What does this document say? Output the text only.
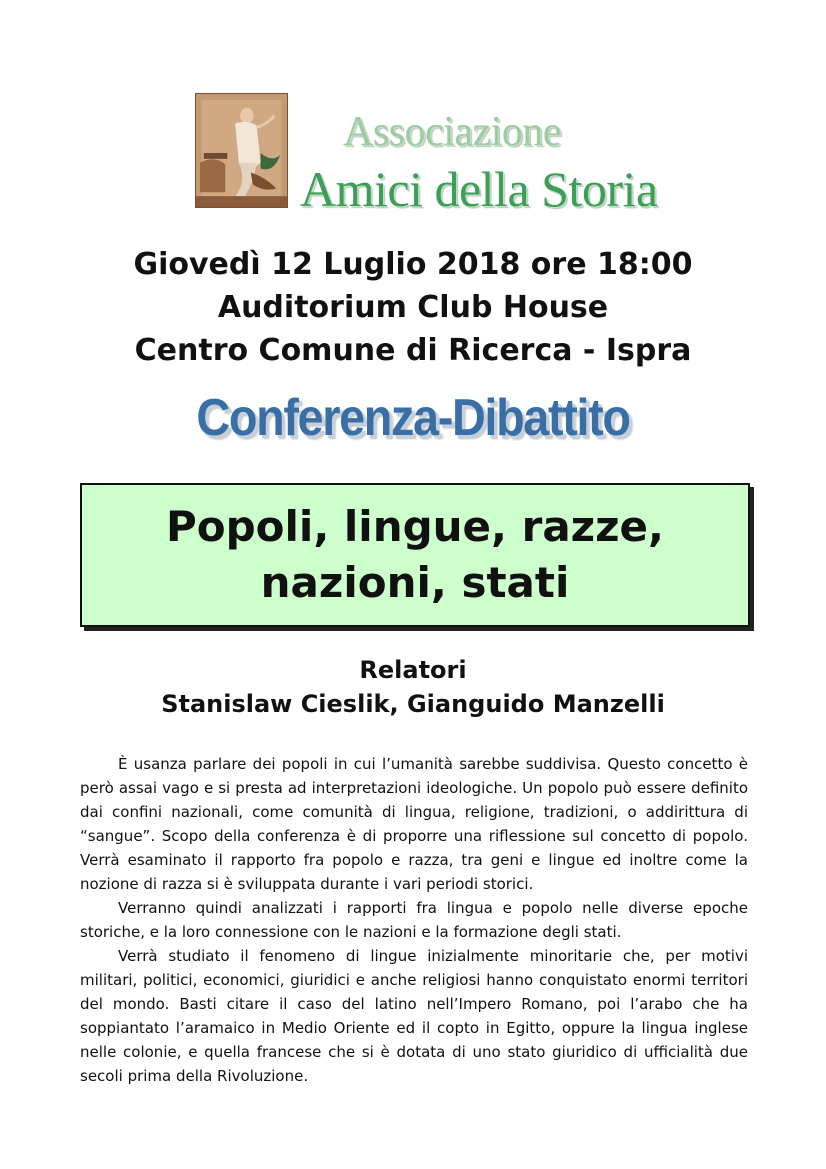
Associazione
Amici della Storia
Giovedì 12 Luglio 2018 ore 18:00
Auditorium Club House
Centro Comune di Ricerca - Ispra
Conferenza-Dibattito
Popoli, lingue, razze,
nazioni, stati
Relatori
Stanislaw Cieslik, Gianguido Manzelli

È usanza parlare dei popoli in cui l’umanità sarebbe suddivisa. Questo concetto è però assai vago e si presta ad interpretazioni ideologiche. Un popolo può essere definito dai confini nazionali, come comunità di lingua, religione, tradizioni, o addirittura di “sangue”. Scopo della conferenza è di proporre una riflessione sul concetto di popolo. Verrà esaminato il rapporto fra popolo e razza, tra geni e lingue ed inoltre come la nozione di razza si è sviluppata durante i vari periodi storici.

Verranno quindi analizzati i rapporti fra lingua e popolo nelle diverse epoche storiche, e la loro connessione con le nazioni e la formazione degli stati.

Verrà studiato il fenomeno di lingue inizialmente minoritarie che, per motivi militari, politici, economici, giuridici e anche religiosi hanno conquistato enormi territori del mondo. Basti citare il caso del latino nell’Impero Romano, poi l’arabo che ha soppiantato l’aramaico in Medio Oriente ed il copto in Egitto, oppure la lingua inglese nelle colonie, e quella francese che si è dotata di uno stato giuridico di ufficialità due secoli prima della Rivoluzione.
